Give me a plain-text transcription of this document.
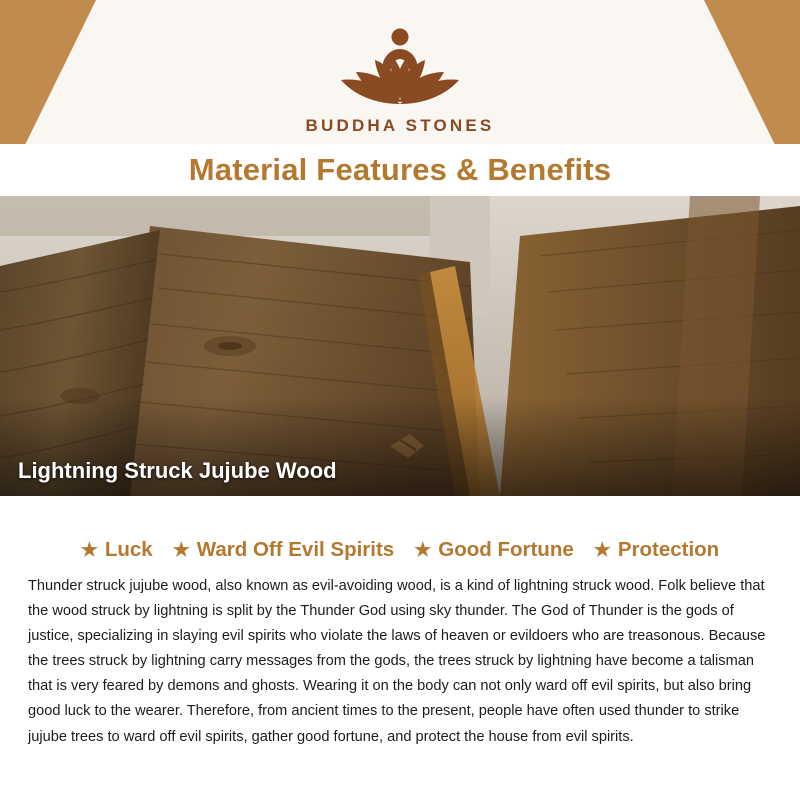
BUDDHA STONES
Material Features & Benefits
Lightning Struck Jujube Wood
★ Luck ★ Ward Off Evil Spirits ★ Good Fortune ★ Protection

Thunder struck jujube wood, also known as evil-avoiding wood, is a kind of lightning struck wood. Folk believe that the wood struck by lightning is split by the Thunder God using sky thunder. The God of Thunder is the gods of justice, specializing in slaying evil spirits who violate the laws of heaven or evildoers who are treasonous. Because the trees struck by lightning carry messages from the gods, the trees struck by lightning have become a talisman that is very feared by demons and ghosts. Wearing it on the body can not only ward off evil spirits, but also bring good luck to the wearer. Therefore, from ancient times to the present, people have often used thunder to strike jujube trees to ward off evil spirits, gather good fortune, and protect the house from evil spirits.
